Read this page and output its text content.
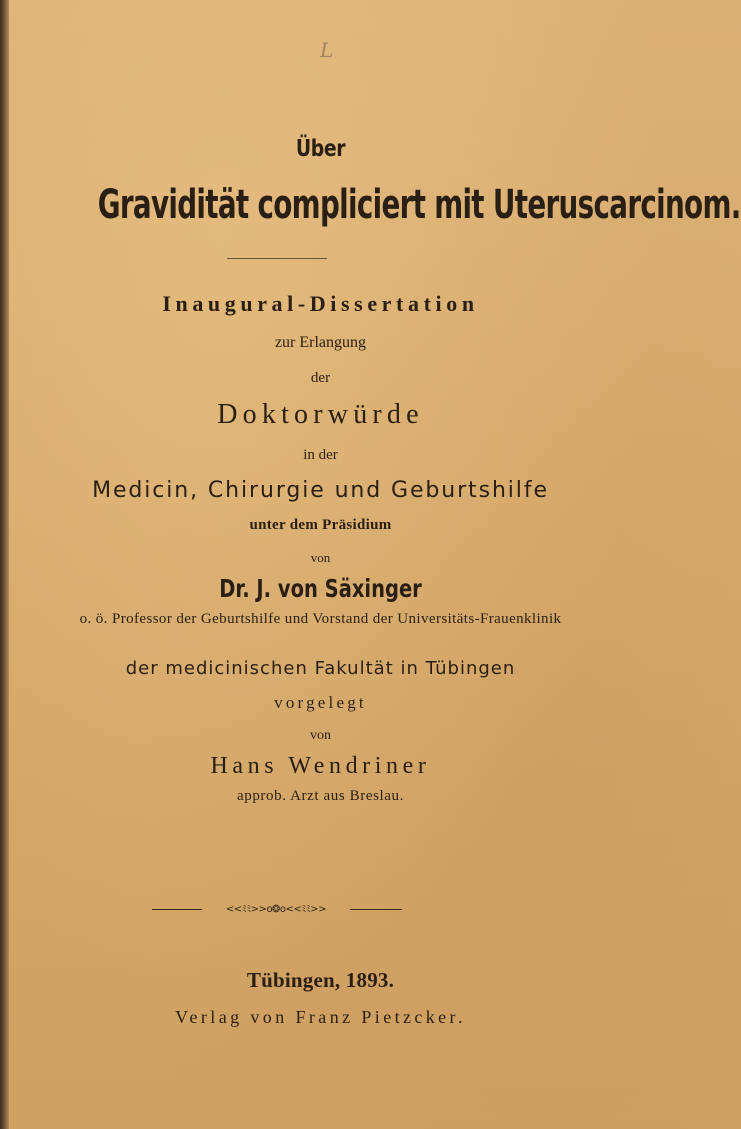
L
Über
Gravidität compliciert mit Uteruscarcinom.
Inaugural-Dissertation
zur Erlangung
der
Doktorwürde
in der
Medicin, Chirurgie und Geburtshilfe
unter dem Präsidium
von
Dr. J. von Säxinger
o. ö. Professor der Geburtshilfe und Vorstand der Universitäts-Frauenklinik
der medicinischen Fakultät in Tübingen
vorgelegt
von
Hans Wendriner
approb. Arzt aus Breslau.
<<ﾐﾐ>>o❂o<<ﾐﾐ>>
Tübingen, 1893.
Verlag von Franz Pietzcker.
